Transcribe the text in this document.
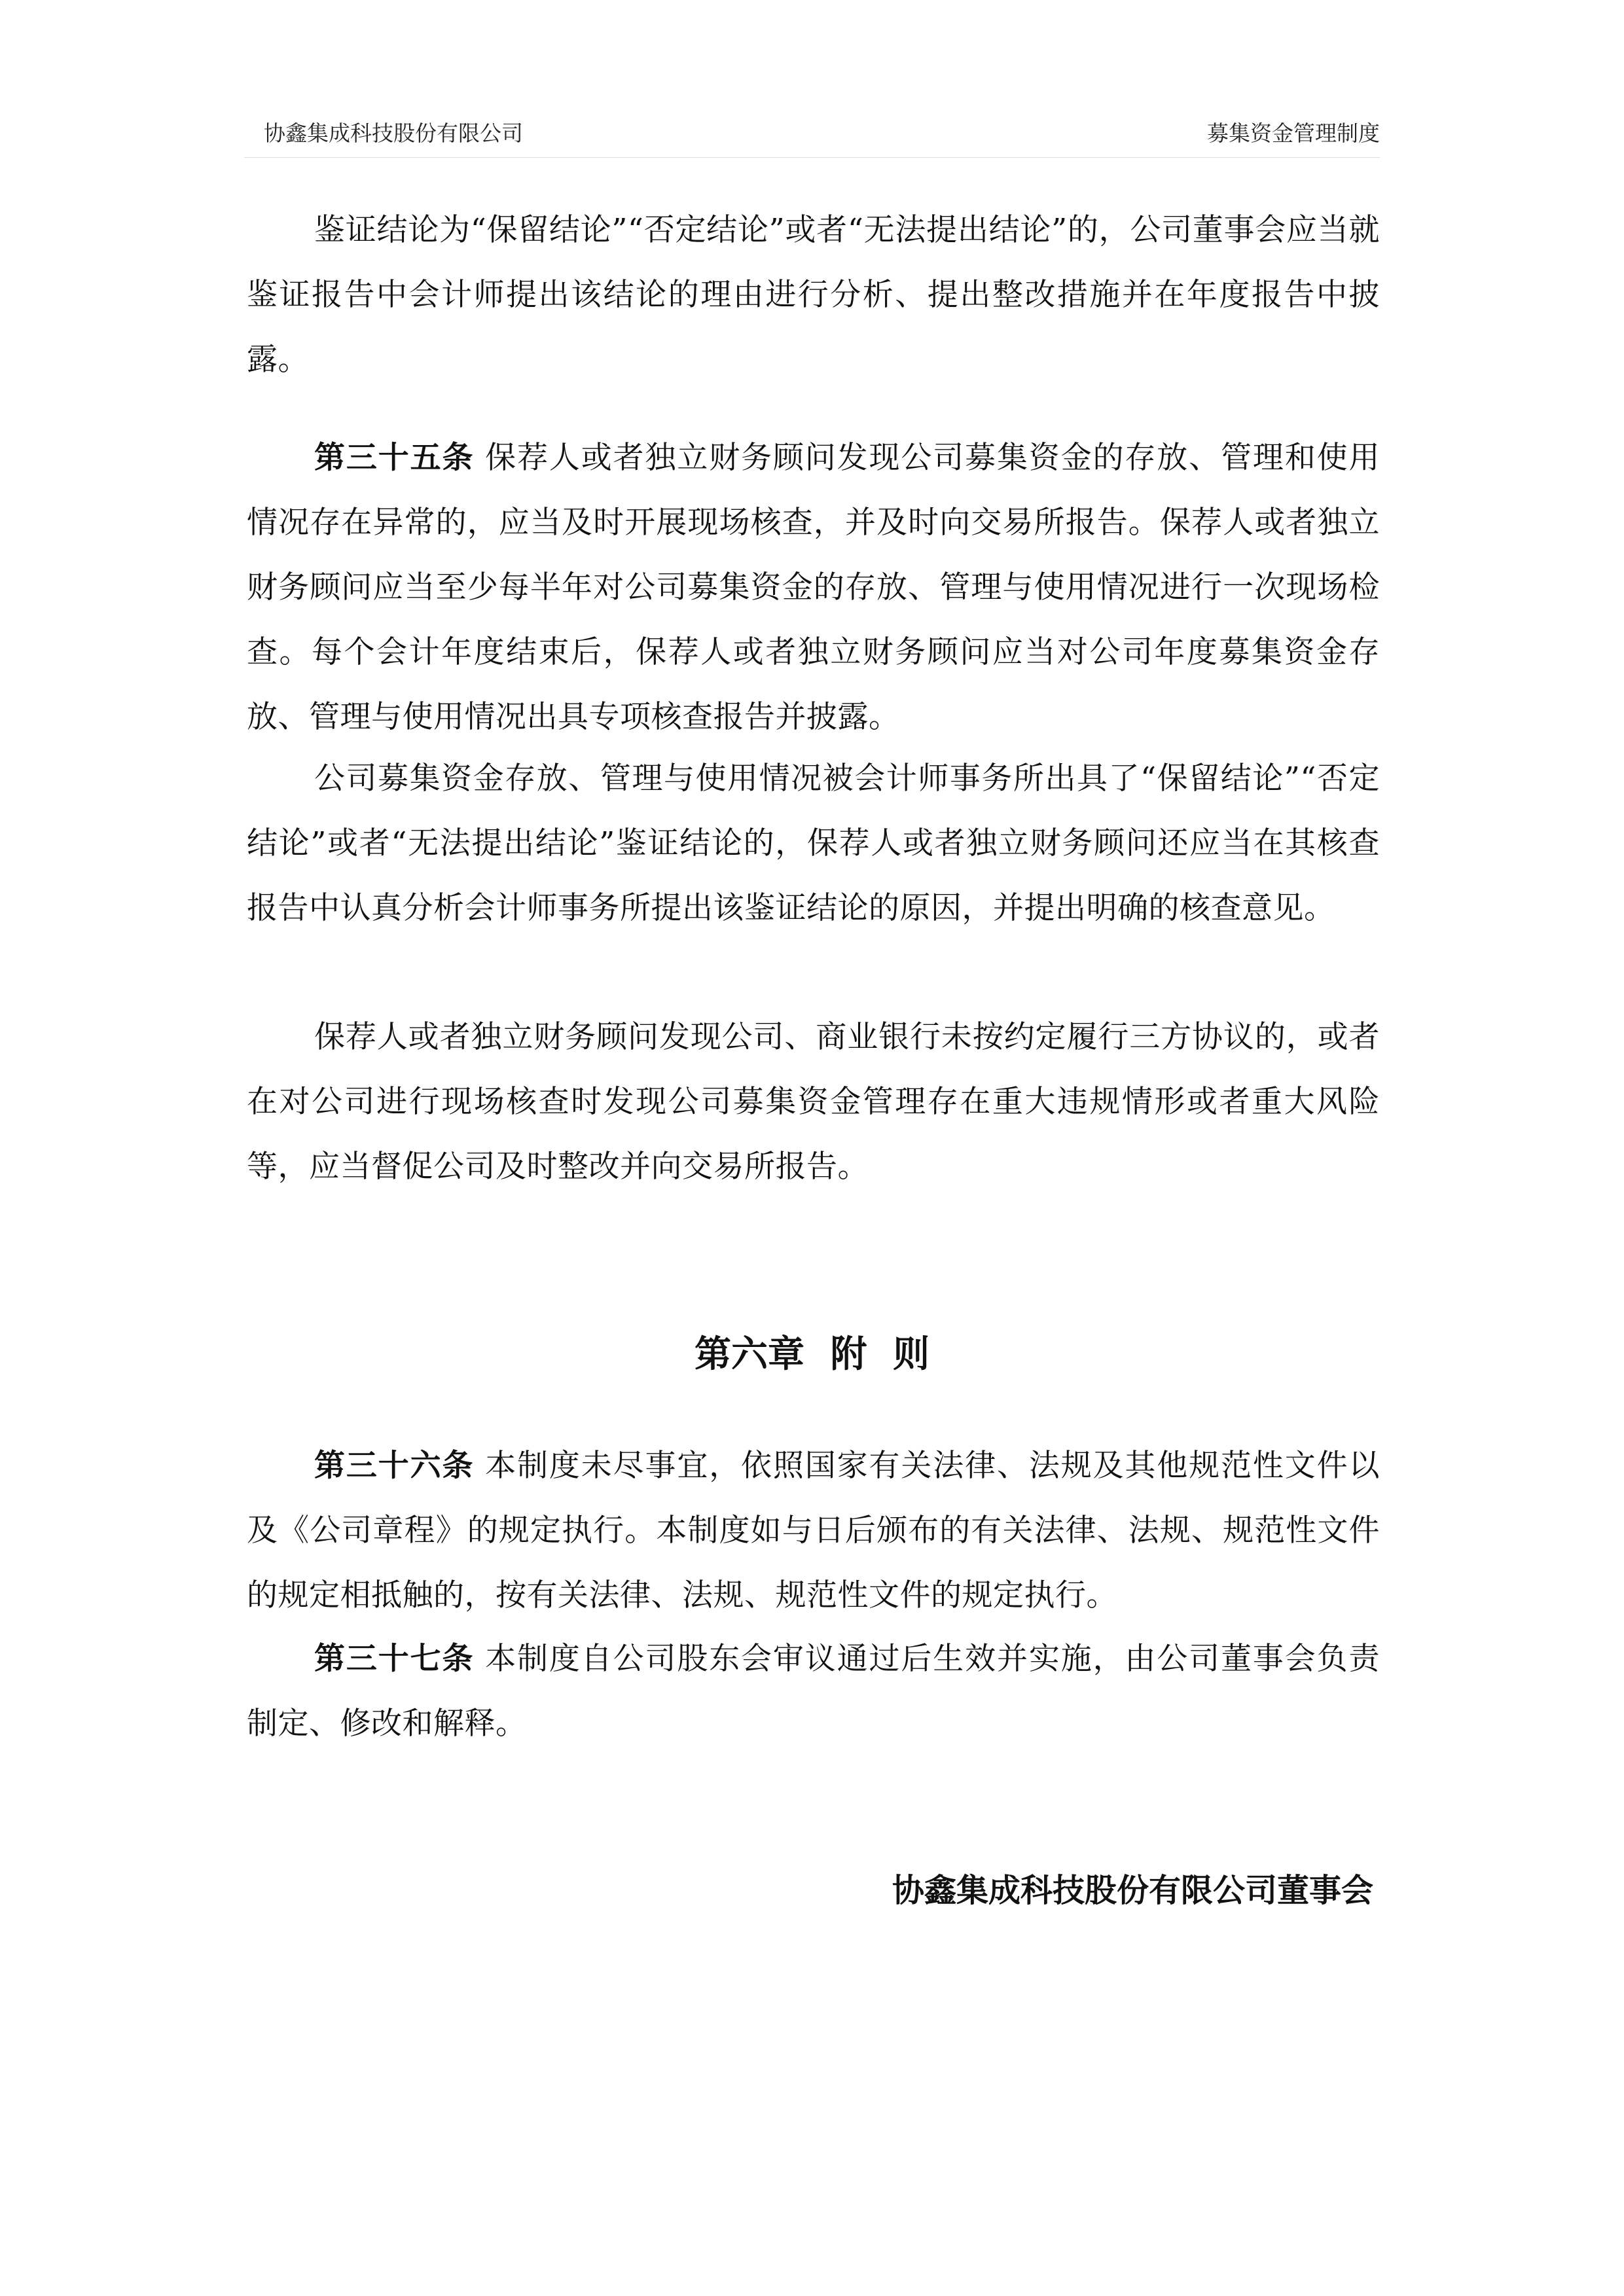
协鑫集成科技股份有限公司	募集资金管理制度

鉴证结论为“保留结论”“否定结论”或者“无法提出结论”的，公司董事会应当就鉴证报告中会计师提出该结论的理由进行分析、提出整改措施并在年度报告中披露。

第三十五条 保荐人或者独立财务顾问发现公司募集资金的存放、管理和使用情况存在异常的，应当及时开展现场核查，并及时向交易所报告。保荐人或者独立财务顾问应当至少每半年对公司募集资金的存放、管理与使用情况进行一次现场检查。每个会计年度结束后，保荐人或者独立财务顾问应当对公司年度募集资金存放、管理与使用情况出具专项核查报告并披露。

公司募集资金存放、管理与使用情况被会计师事务所出具了“保留结论”“否定结论”或者“无法提出结论”鉴证结论的，保荐人或者独立财务顾问还应当在其核查报告中认真分析会计师事务所提出该鉴证结论的原因，并提出明确的核查意见。

保荐人或者独立财务顾问发现公司、商业银行未按约定履行三方协议的，或者在对公司进行现场核查时发现公司募集资金管理存在重大违规情形或者重大风险等，应当督促公司及时整改并向交易所报告。

第六章 附 则

第三十六条 本制度未尽事宜，依照国家有关法律、法规及其他规范性文件以及《公司章程》的规定执行。本制度如与日后颁布的有关法律、法规、规范性文件的规定相抵触的，按有关法律、法规、规范性文件的规定执行。

第三十七条 本制度自公司股东会审议通过后生效并实施，由公司董事会负责制定、修改和解释。

协鑫集成科技股份有限公司董事会
